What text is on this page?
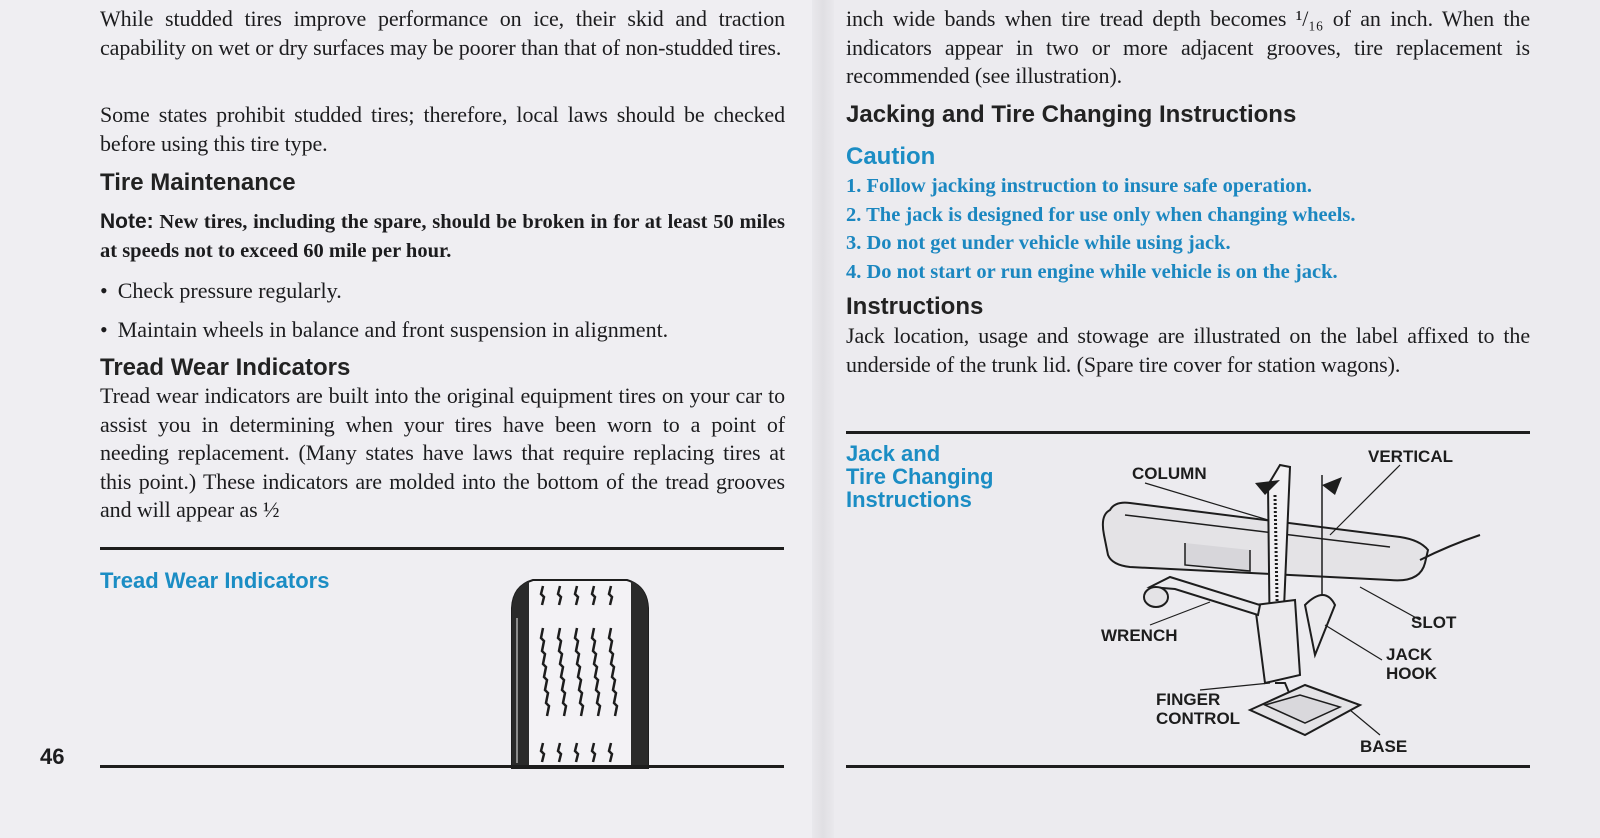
While studded tires improve performance on ice, their skid and traction capability on wet or dry surfaces may be poorer than that of non-studded tires.

Some states prohibit studded tires; therefore, local laws should be checked before using this tire type.

Tire Maintenance

Note: New tires, including the spare, should be broken in for at least 50 miles at speeds not to exceed 60 mile per hour.

• Check pressure regularly.

• Maintain wheels in balance and front suspension in alignment.

Tread Wear Indicators

Tread wear indicators are built into the original equipment tires on your car to assist you in determining when your tires have been worn to a point of needing replacement. (Many states have laws that require replacing tires at this point.) These indicators are molded into the bottom of the tread grooves and will appear as ½

Tread Wear Indicators
46

inch wide bands when tire tread depth becomes ¹/₁₆ of an inch. When the indicators appear in two or more adjacent grooves, tire replacement is recommended (see illustration).

Jacking and Tire Changing Instructions
Caution
1. Follow jacking instruction to insure safe operation.
2. The jack is designed for use only when changing wheels.
3. Do not get under vehicle while using jack.
4. Do not start or run engine while vehicle is on the jack.
Instructions

Jack location, usage and stowage are illustrated on the label affixed to the underside of the trunk lid. (Spare tire cover for station wagons).

Jack and
Tire Changing
Instructions
COLUMN
VERTICAL
SLOT
WRENCH
JACK
HOOK
FINGER
CONTROL
BASE
